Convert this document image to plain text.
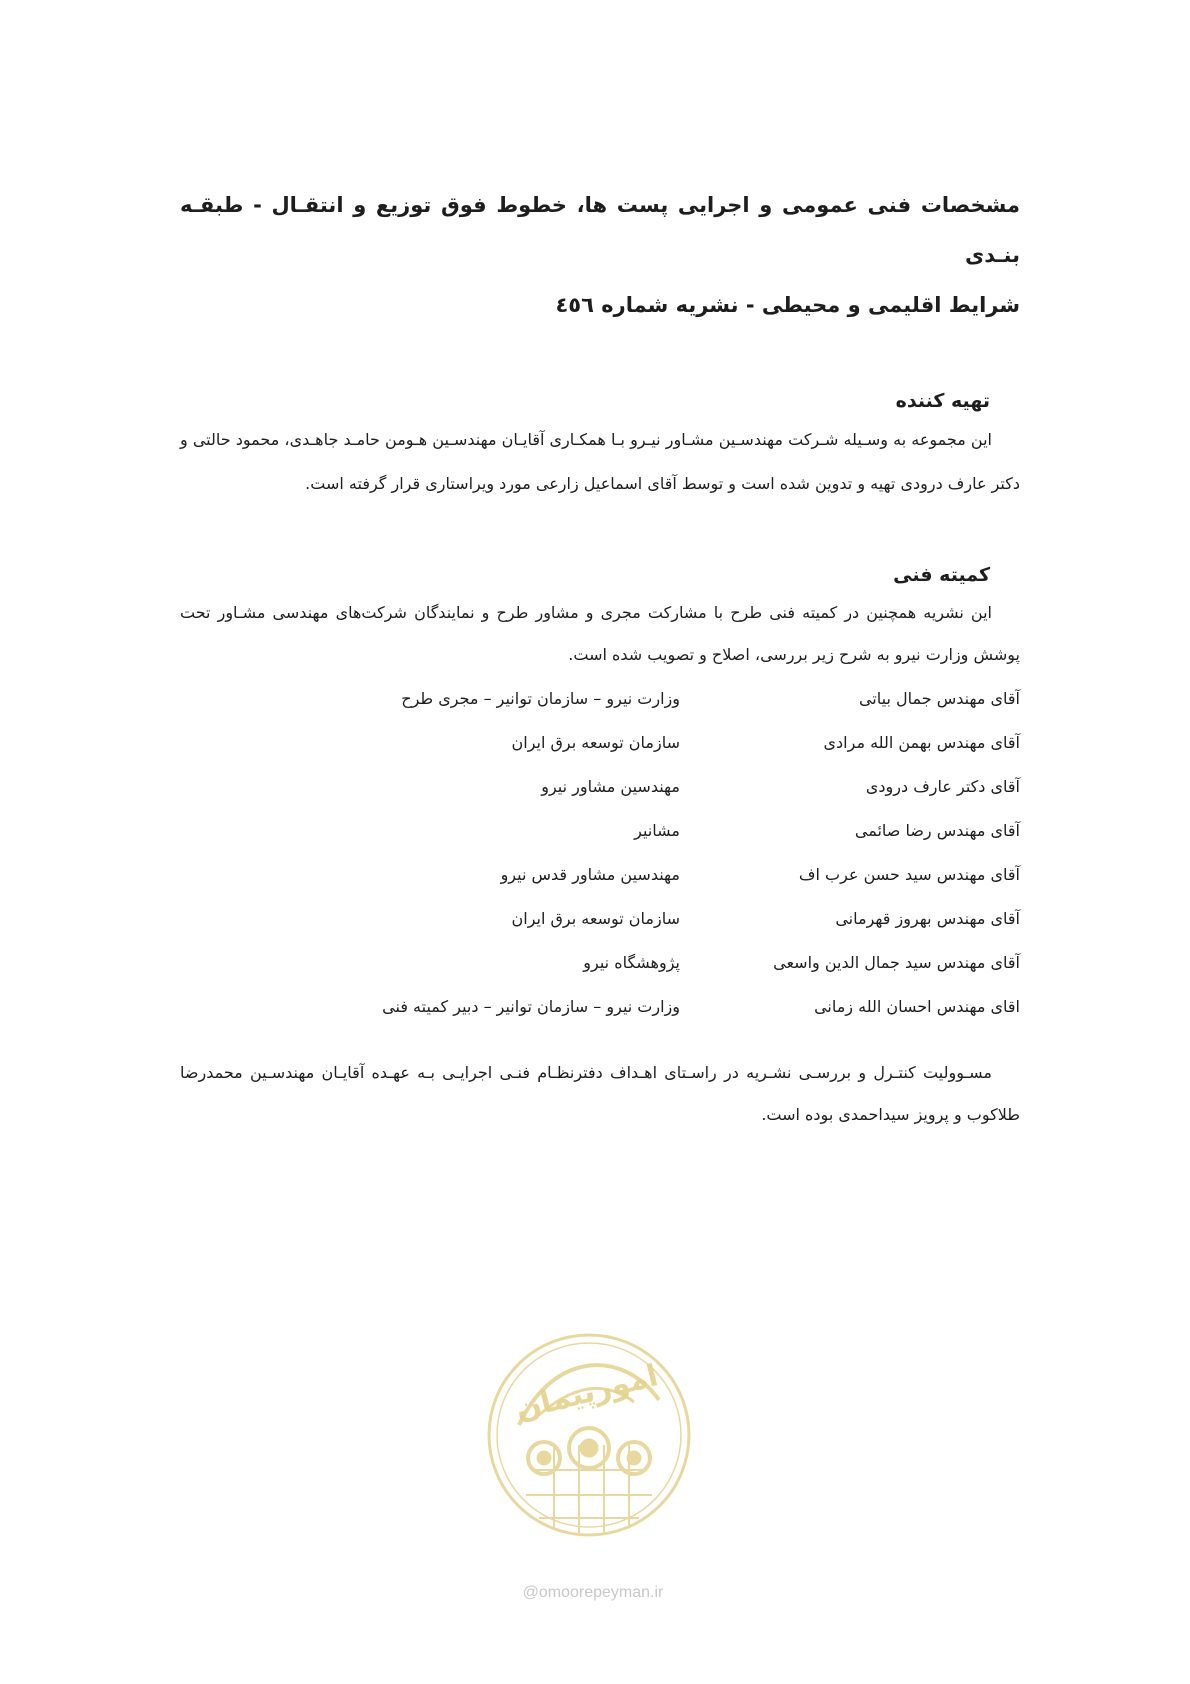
مشخصات فنی عمومی و اجرایی پست ها، خطوط فوق توزیع و انتقـال - طبقـه بنـدی
شرایط اقلیمی و محیطی - نشریه شماره ٤٥٦
تهیه کننده

این مجموعه به وسـیله شـرکت مهندسـین مشـاور نیـرو بـا همکـاری آقایـان مهندسـین هـومن حامـد جاهـدی، محمود حالتی و دکتر عارف درودی تهیه و تدوین شده است و توسط آقای اسماعیل زارعی مورد ویراستاری قرار گرفته است.

کمیته فنی

این نشریه همچنین در کمیته فنی طرح با مشارکت مجری و مشاور طرح و نمایندگان شرکت‌های مهندسی مشـاور تحت پوشش وزارت نیرو به شرح زیر بررسی، اصلاح و تصویب شده است.

آقای مهندس جمال بیاتی
وزارت نیرو – سازمان توانیر – مجری طرح
آقای مهندس بهمن الله مرادی
سازمان توسعه برق ایران
آقای دکتر عارف درودی
مهندسین مشاور نیرو
آقای مهندس رضا صائمی
مشانیر
آقای مهندس سید حسن عرب اف
مهندسین مشاور قدس نیرو
آقای مهندس بهروز قهرمانی
سازمان توسعه برق ایران
آقای مهندس سید جمال الدین واسعی
پژوهشگاه نیرو
اقای مهندس احسان الله زمانی
وزارت نیرو – سازمان توانیر – دبیر کمیته فنی

مسـوولیت کنتـرل و بررسـی نشـریه در راسـتای اهـداف دفترنظـام فنـی اجرایـی بـه عهـده آقایـان مهندسـین محمدرضا طلاکوب و پرویز سیداحمدی بوده است.

امورپیمان
@omoorepeyman.ir
